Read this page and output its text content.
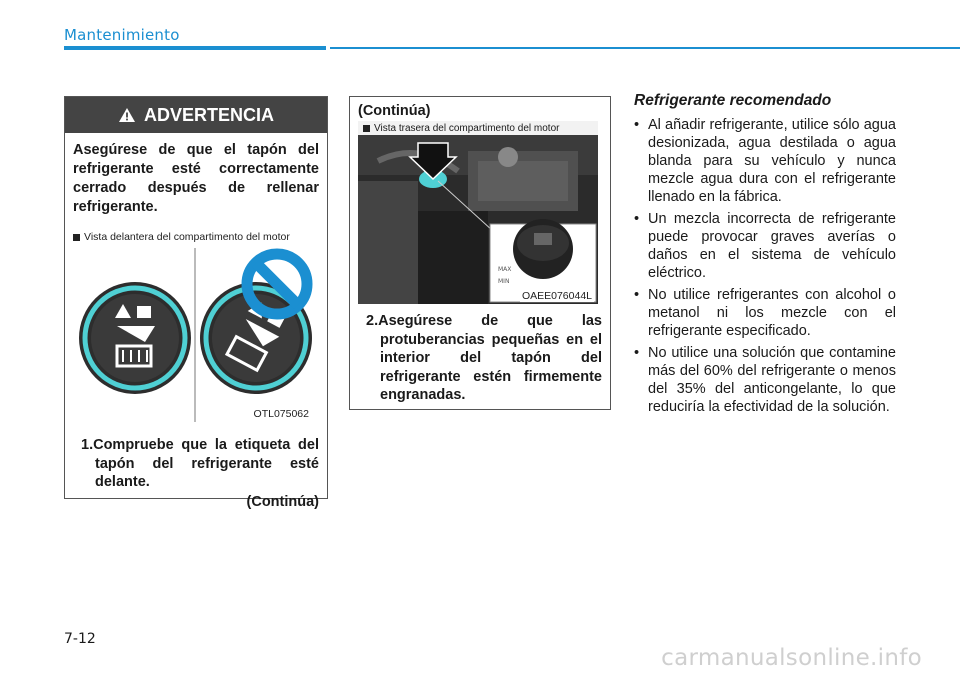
Mantenimiento
ADVERTENCIA

Asegúrese de que el tapón del refrigerante esté correctamente cerrado después de rellenar refrigerante.

Vista delantera del compartimento del motor
OTL075062

1.Compruebe que la etiqueta del tapón del refrigerante esté delante.

(Continúa)

(Continúa)

MAX
MIN
Vista trasera del compartimento del motor
OAEE076044L

2.Asegúrese de que las protuberancias pequeñas en el interior del tapón del refrigerante estén firmemente engranadas.

Refrigerante recomendado

• Al añadir refrigerante, utilice sólo agua desionizada, agua destilada o agua blanda para su vehículo y nunca mezcle agua dura con el refrigerante llenado en la fábrica.

• Un mezcla incorrecta de refrigerante puede provocar graves averías o daños en el sistema de vehículo eléctrico.

• No utilice refrigerantes con alcohol o metanol ni los mezcle con el refrigerante especificado.

• No utilice una solución que contamine más del 60% del refrigerante o menos del 35% del anticongelante, lo que reduciría la efectividad de la solución.

7-12
carmanualsonline.info
